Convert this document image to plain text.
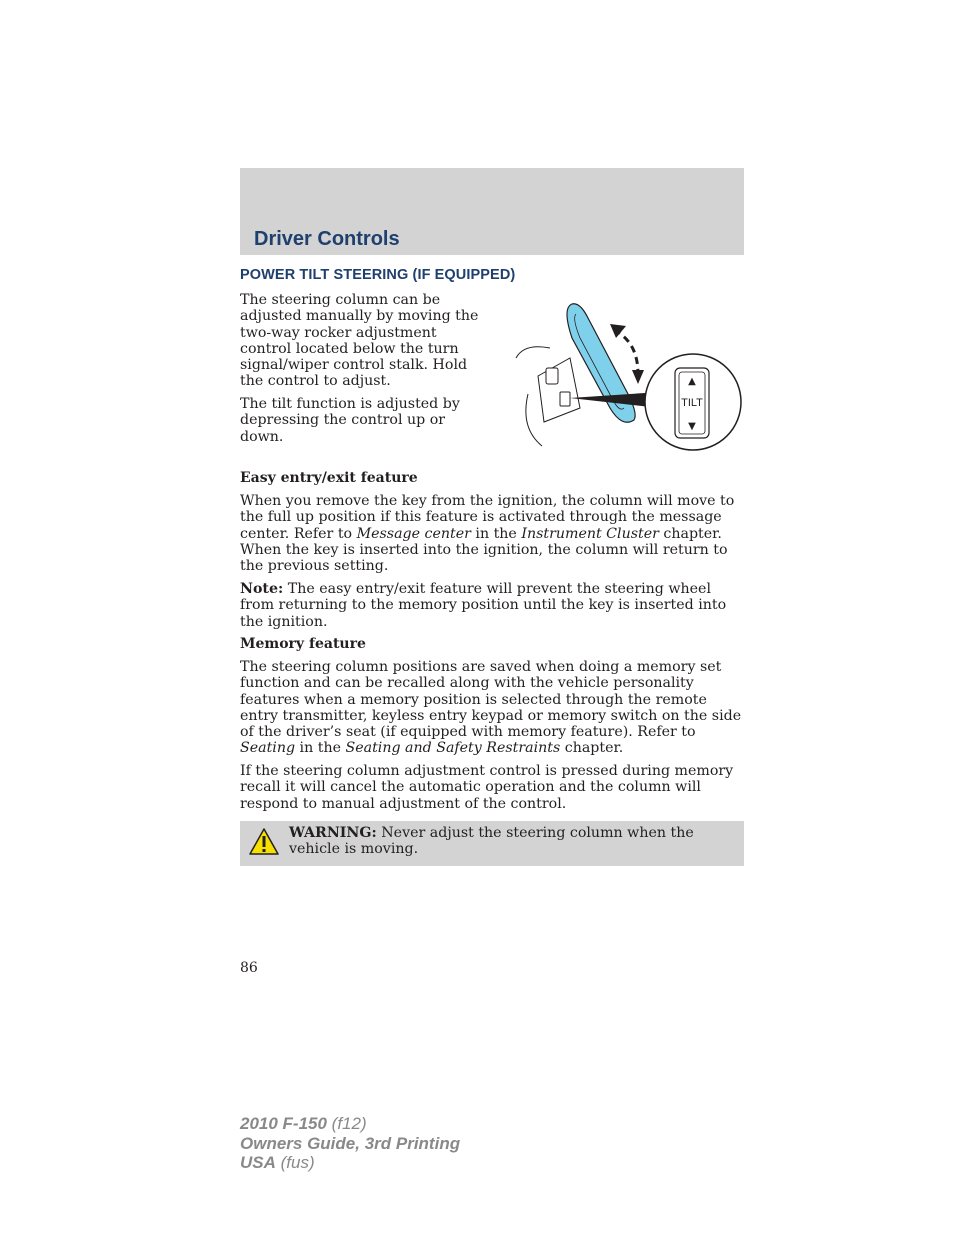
Driver Controls
POWER TILT STEERING (IF EQUIPPED)

The steering column can be adjusted manually by moving the two-way rocker adjustment control located below the turn signal/wiper control stalk. Hold the control to adjust.

The tilt function is adjusted by depressing the control up or down.

▲
TILT
▼

Easy entry/exit feature

When you remove the key from the ignition, the column will move to the full up position if this feature is activated through the message center. Refer to Message center in the Instrument Cluster chapter. When the key is inserted into the ignition, the column will return to the previous setting.

Note: The easy entry/exit feature will prevent the steering wheel from returning to the memory position until the key is inserted into the ignition.

Memory feature

The steering column positions are saved when doing a memory set function and can be recalled along with the vehicle personality features when a memory position is selected through the remote entry transmitter, keyless entry keypad or memory switch on the side of the driver’s seat (if equipped with memory feature). Refer to Seating in the Seating and Safety Restraints chapter.

If the steering column adjustment control is pressed during memory recall it will cancel the automatic operation and the column will respond to manual adjustment of the control.

WARNING: Never adjust the steering column when the vehicle is moving.

86
2010 F-150 (f12)
Owners Guide, 3rd Printing
USA (fus)
